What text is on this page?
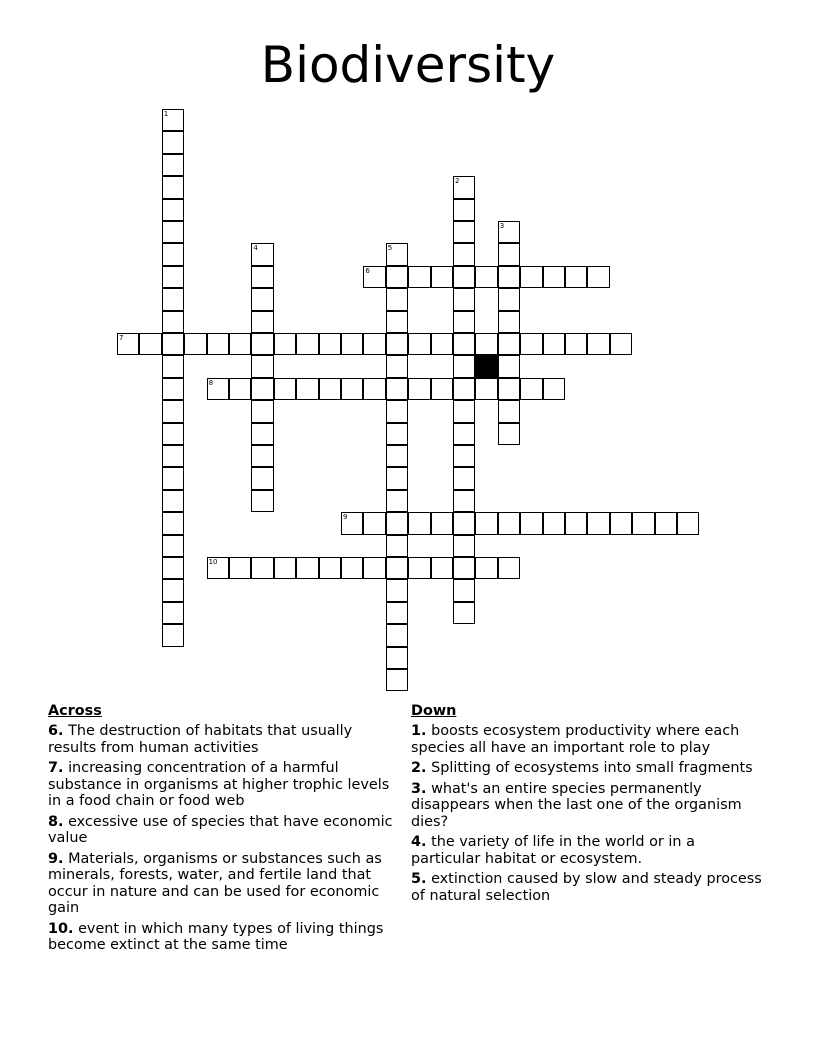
Biodiversity
1
2
3
4	5
6
7
8
9
10
Across
6. The destruction of habitats that usually results from human activities
7. increasing concentration of a harmful substance in organisms at higher trophic levels in a food chain or food web
8. excessive use of species that have economic value
9. Materials, organisms or substances such as minerals, forests, water, and fertile land that occur in nature and can be used for economic gain
10. event in which many types of living things become extinct at the same time
Down
1. boosts ecosystem productivity where each species all have an important role to play
2. Splitting of ecosystems into small fragments
3. what's an entire species permanently disappears when the last one of the organism dies?
4. the variety of life in the world or in a particular habitat or ecosystem.
5. extinction caused by slow and steady process of natural selection
